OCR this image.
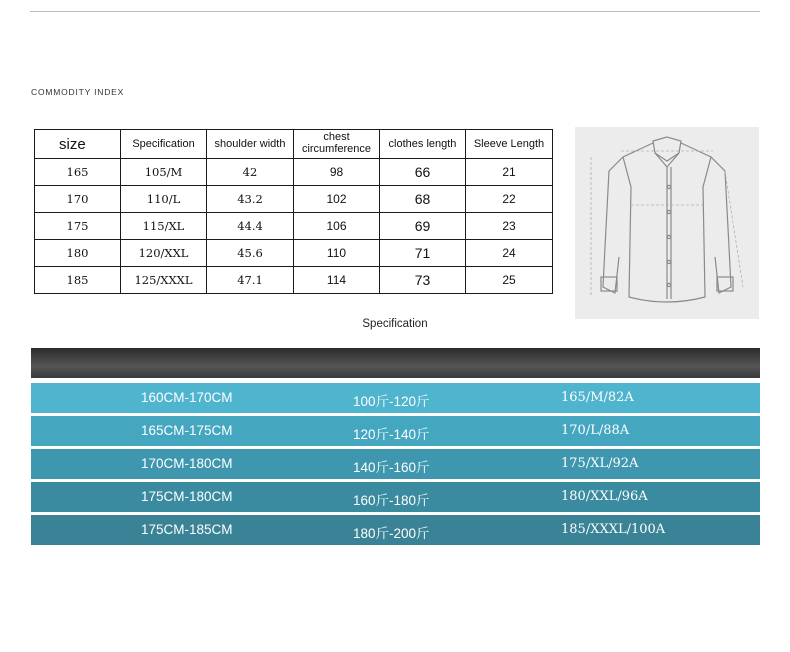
COMMODITY INDEX
size	Specification	shoulder width	chest circumference	clothes length	Sleeve Length
165	105/M	42	98	66	21
170	110/L	43.2	102	68	22
175	115/XL	44.4	106	69	23
180	120/XXL	45.6	110	71	24
185	125/XXXL	47.1	114	73	25
Specification
160CM-170CM	100斤-120斤	165/M/82A
165CM-175CM	120斤-140斤	170/L/88A
170CM-180CM	140斤-160斤	175/XL/92A
175CM-180CM	160斤-180斤	180/XXL/96A
175CM-185CM	180斤-200斤	185/XXXL/100A
